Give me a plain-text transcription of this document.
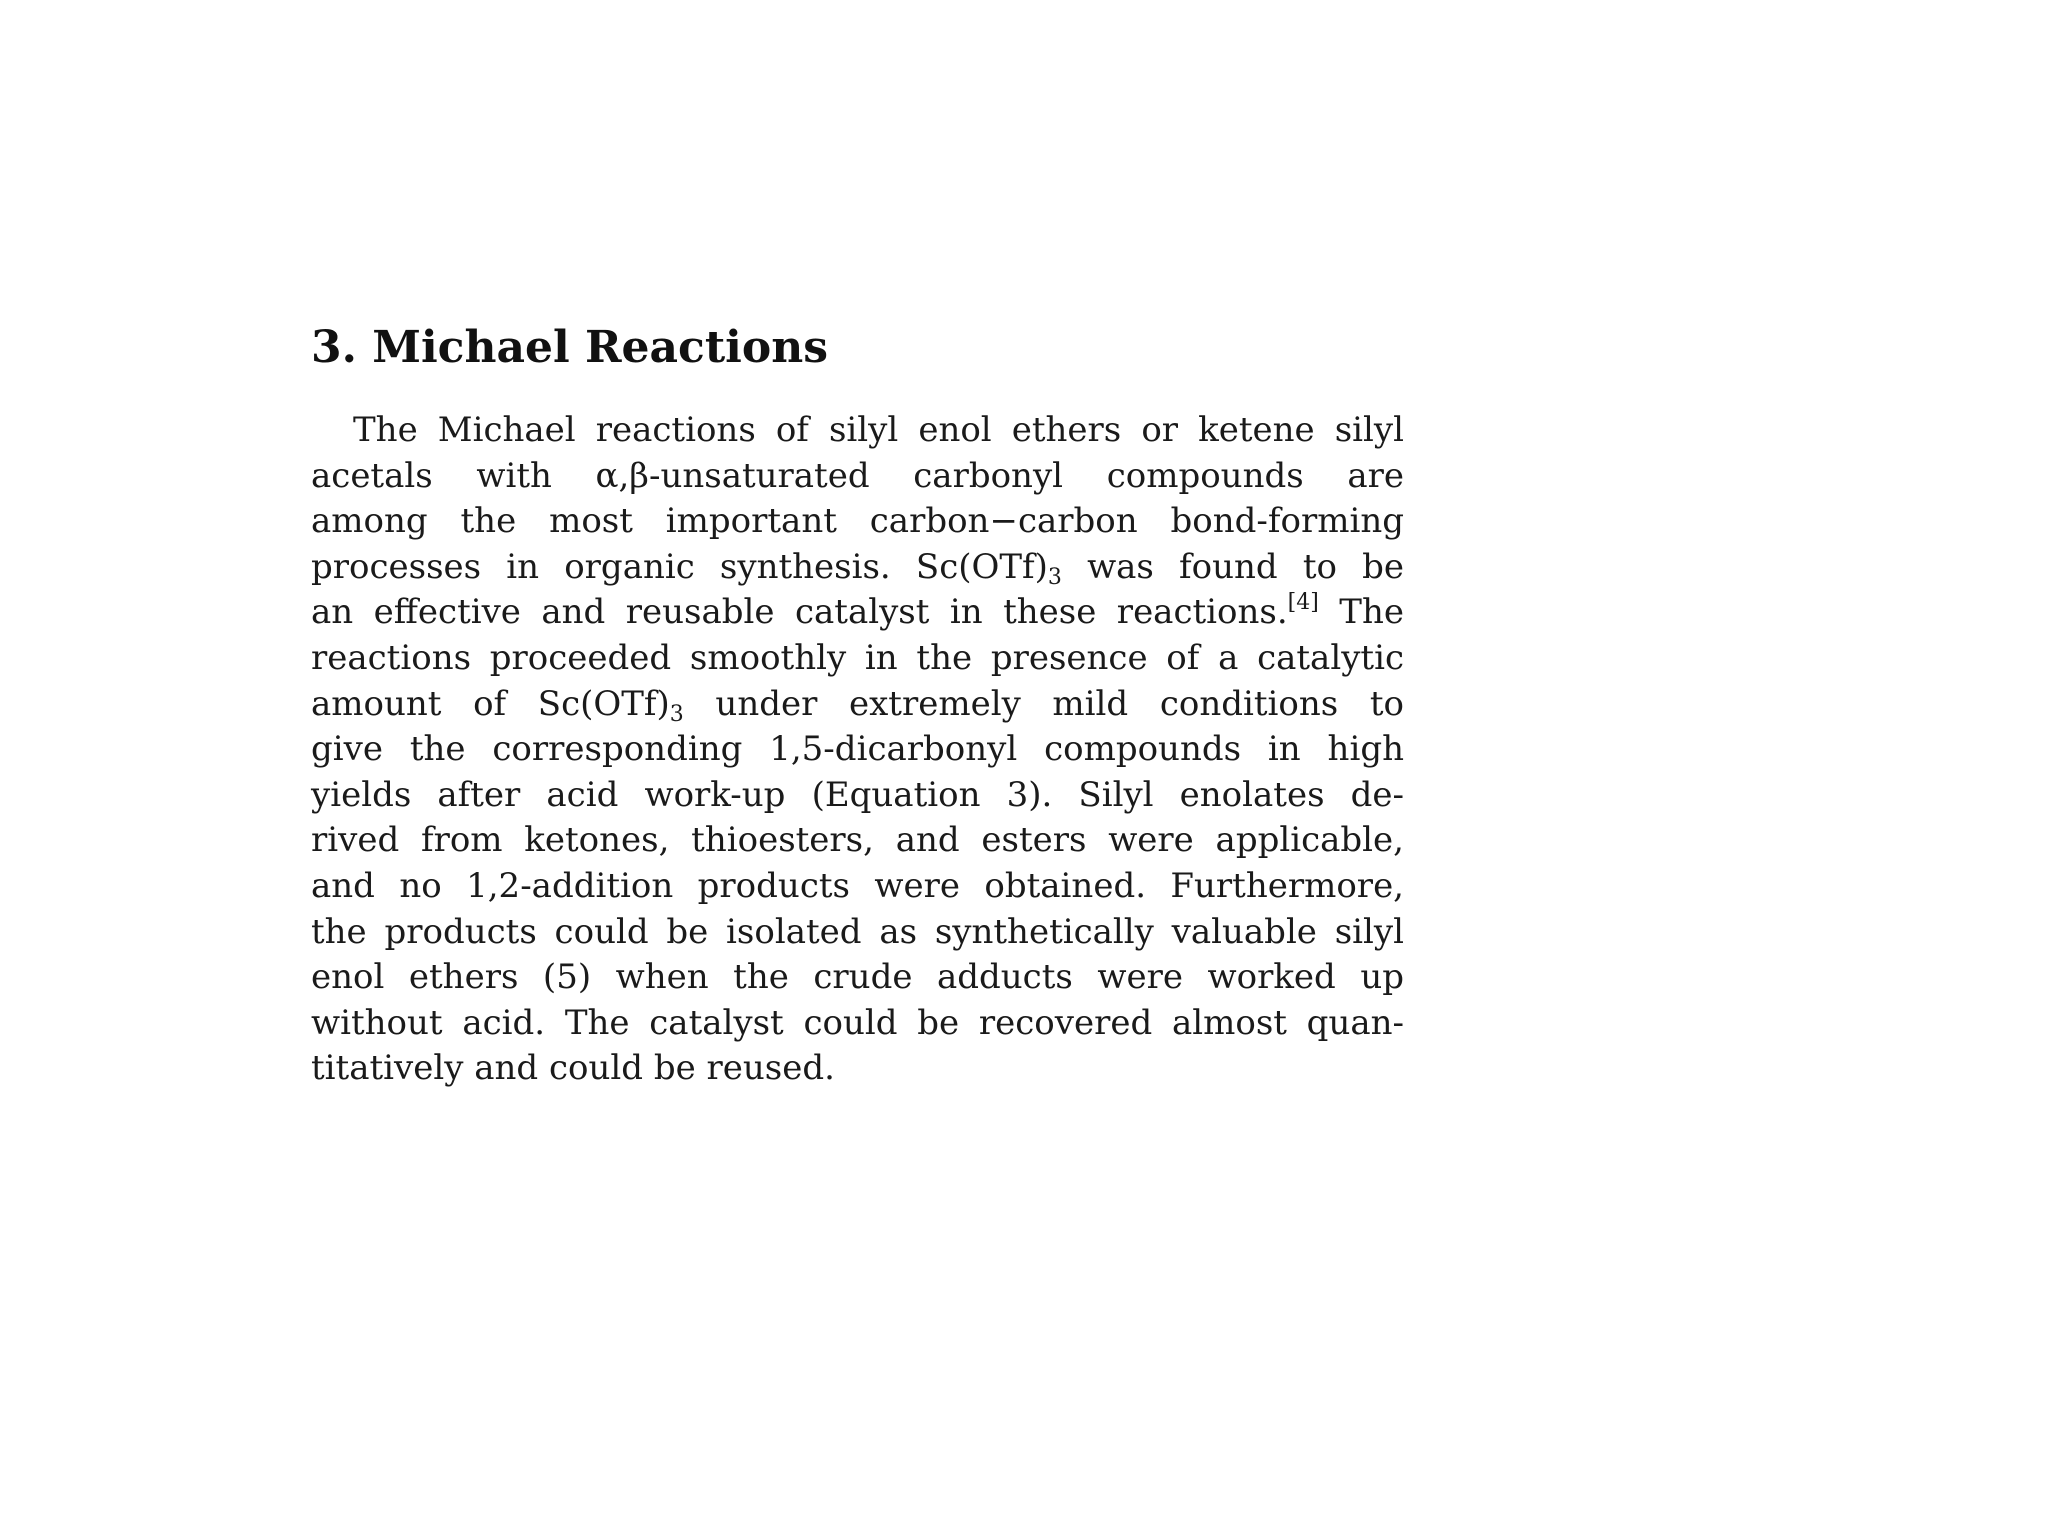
3. Michael Reactions
The Michael reactions of silyl enol ethers or ketene silyl
acetals with α,β-unsaturated carbonyl compounds are
among the most important carbon−carbon bond-forming
processes in organic synthesis. $Sc(OTf)_3$ was found to be
an effective and reusable catalyst in these reactions.[4] The
reactions proceeded smoothly in the presence of a catalytic
amount of $Sc(OTf)_3$ under extremely mild conditions to
give the corresponding 1,5-dicarbonyl compounds in high
yields after acid work-up (Equation 3). Silyl enolates de-
rived from ketones, thioesters, and esters were applicable,
and no 1,2-addition products were obtained. Furthermore,
the products could be isolated as synthetically valuable silyl
enol ethers (5) when the crude adducts were worked up
without acid. The catalyst could be recovered almost quan-
titatively and could be reused.
